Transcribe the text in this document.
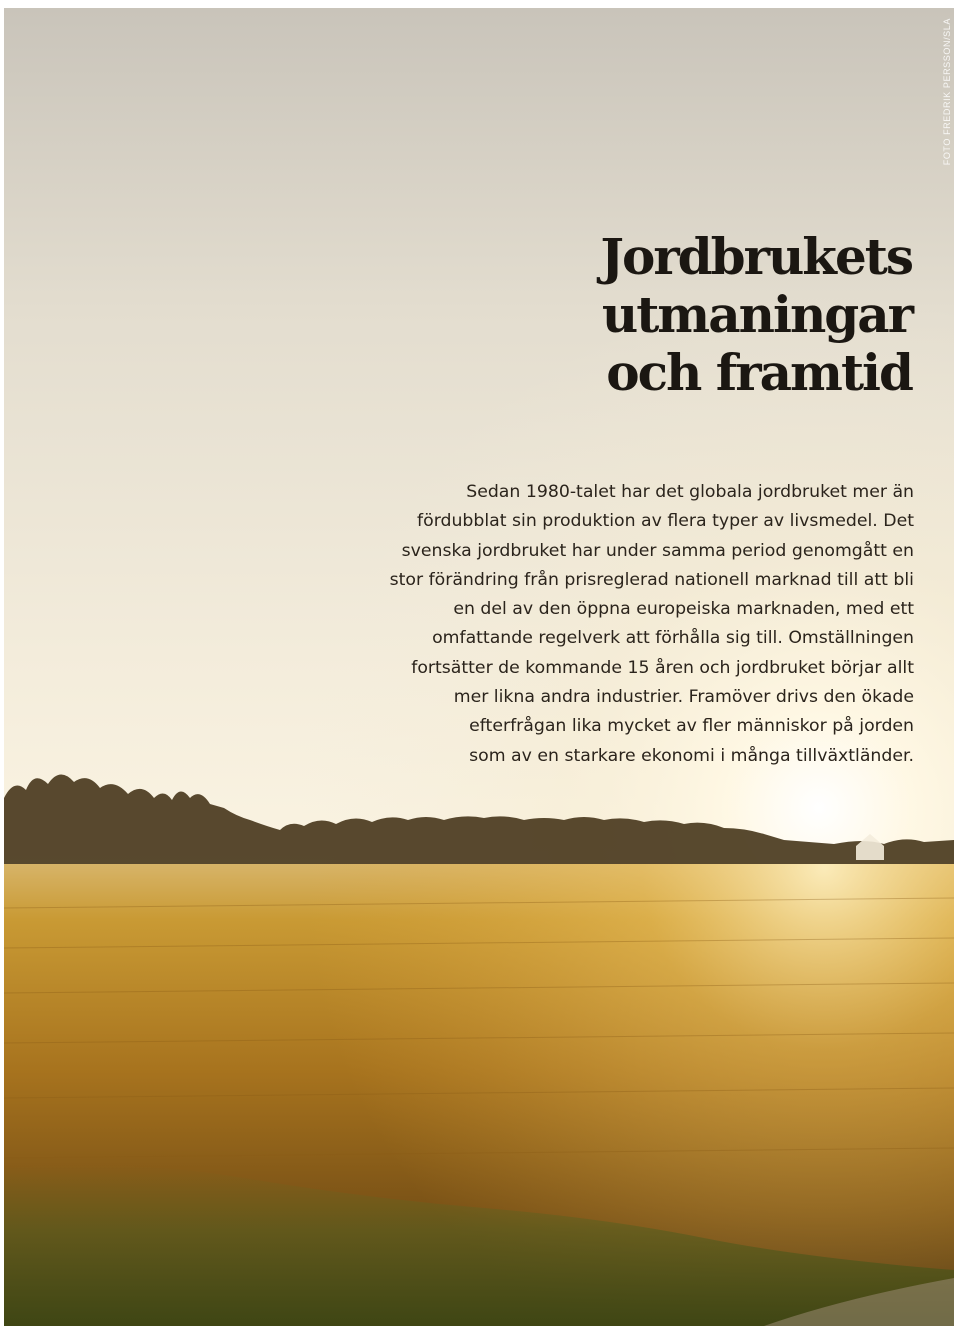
FOTO FREDRIK PERSSON/SLA
Jordbrukets
utmaningar
och framtid

Sedan 1980-talet har det globala jordbruket mer än
fördubblat sin produktion av flera typer av livsmedel. Det
svenska jordbruket har under samma period genomgått en
stor förändring från prisreglerad nationell marknad till att bli
en del av den öppna europeiska marknaden, med ett
omfattande regelverk att förhålla sig till. Omställningen
fortsätter de kommande 15 åren och jordbruket börjar allt
mer likna andra industrier. Framöver drivs den ökade
efterfrågan lika mycket av fler människor på jorden
som av en starkare ekonomi i många tillväxtländer.
